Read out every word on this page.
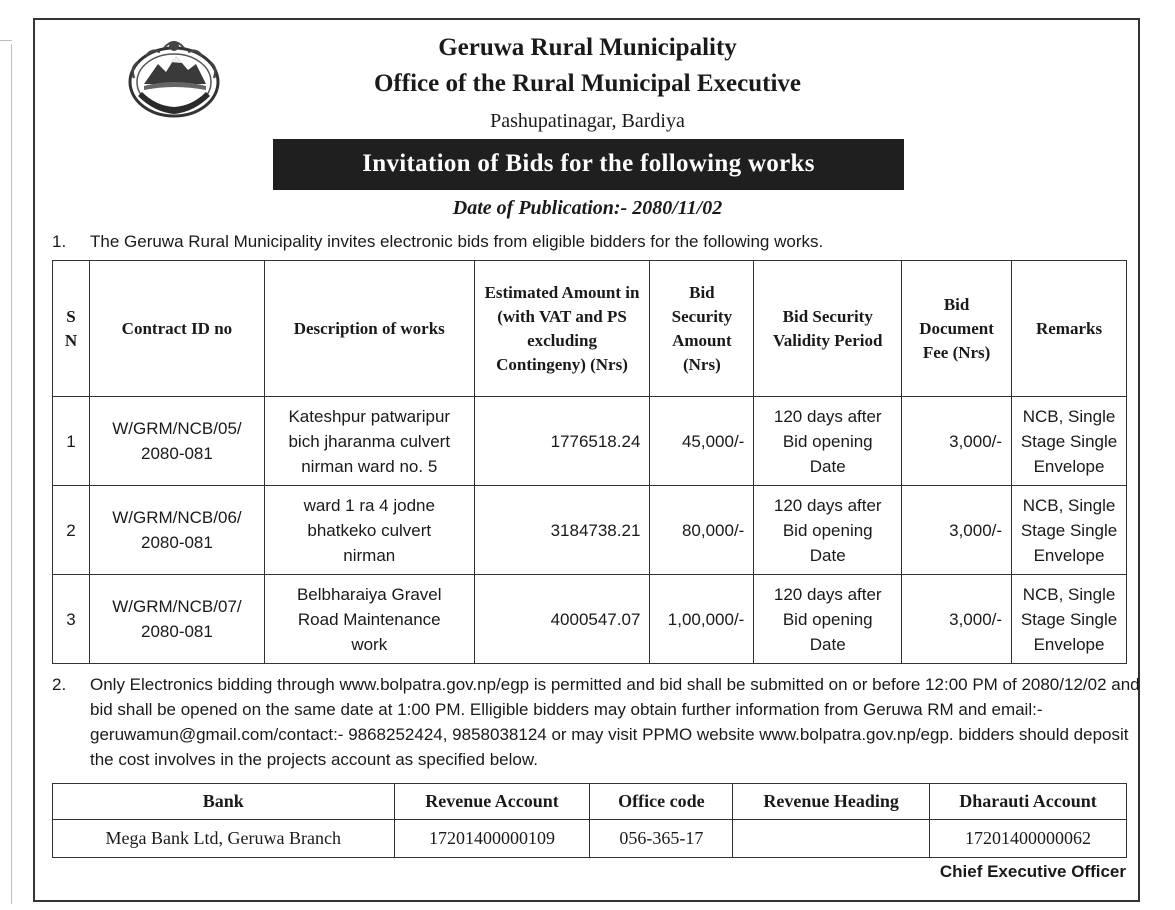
Geruwa Rural Municipality
Office of the Rural Municipal Executive
Pashupatinagar, Bardiya
Invitation of Bids for the following works
Date of Publication:- 2080/11/02
1. The Geruwa Rural Municipality invites electronic bids from eligible bidders for the following works.
S N	Contract ID no	Description of works	Estimated Amount in (with VAT and PS excluding Contingeny) (Nrs)	Bid Security Amount (Nrs)	Bid Security Validity Period	Bid Document Fee (Nrs)	Remarks
1	W/GRM/NCB/05/ 2080-081	Kateshpur patwaripur bich jharanma culvert nirman ward no. 5	1776518.24	45,000/-	120 days after Bid opening Date	3,000/-	NCB, Single Stage Single Envelope
2	W/GRM/NCB/06/ 2080-081	ward 1 ra 4 jodne bhatkeko culvert nirman	3184738.21	80,000/-	120 days after Bid opening Date	3,000/-	NCB, Single Stage Single Envelope
3	W/GRM/NCB/07/ 2080-081	Belbharaiya Gravel Road Maintenance work	4000547.07	1,00,000/-	120 days after Bid opening Date	3,000/-	NCB, Single Stage Single Envelope
2. Only Electronics bidding through www.bolpatra.gov.np/egp is permitted and bid shall be submitted on or before 12:00 PM of 2080/12/02 and bid shall be opened on the same date at 1:00 PM. Elligible bidders may obtain further information from Geruwa RM and email:- geruwamun@gmail.com/contact:- 9868252424, 9858038124 or may visit PPMO website www.bolpatra.gov.np/egp. bidders should deposit the cost involves in the projects account as specified below.
Bank	Revenue Account	Office code	Revenue Heading	Dharauti Account
Mega Bank Ltd, Geruwa Branch	17201400000109	056-365-17		17201400000062
Chief Executive Officer
